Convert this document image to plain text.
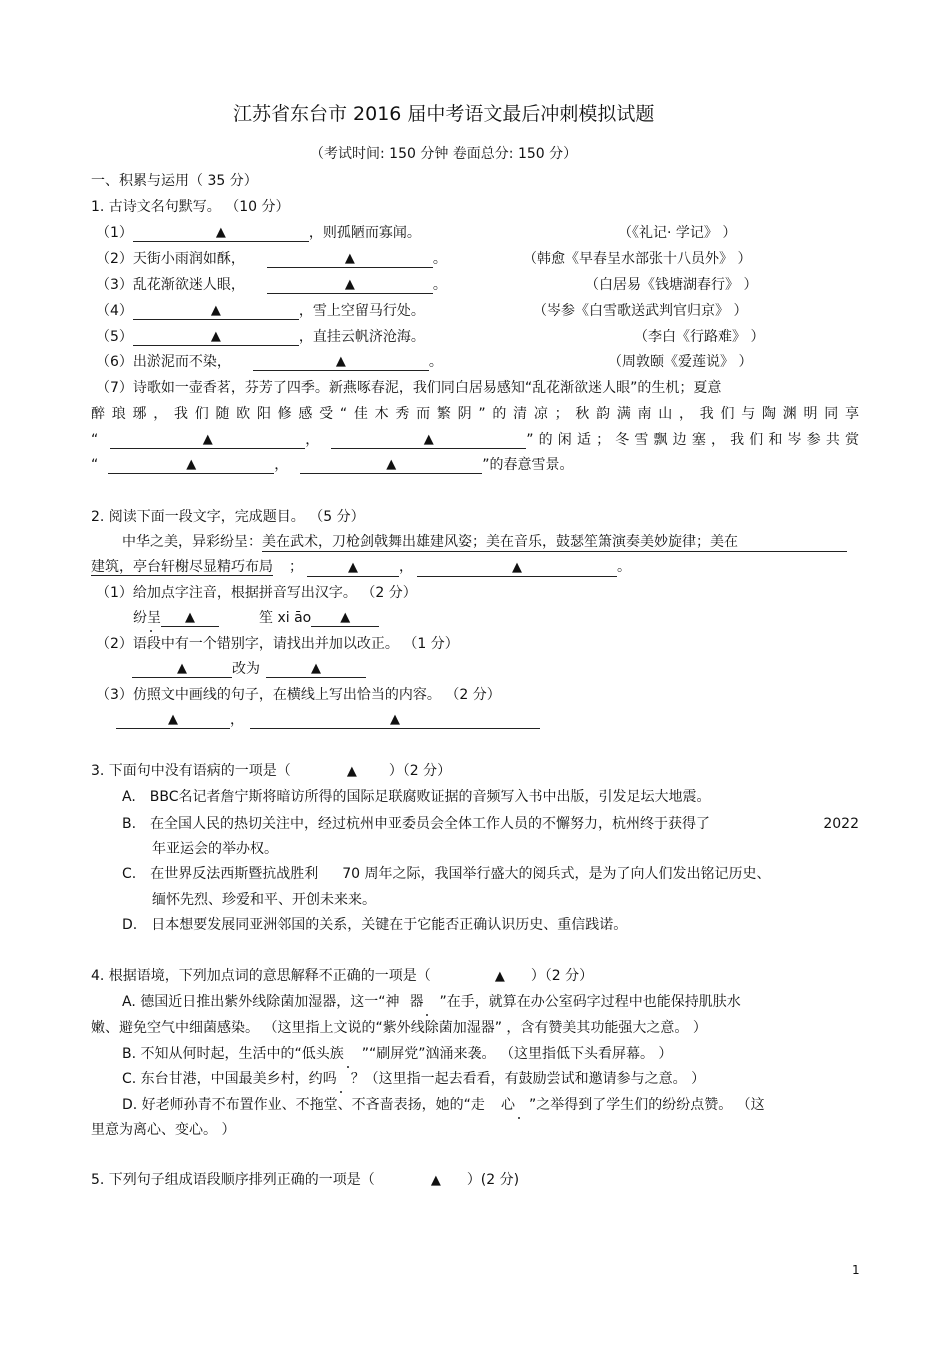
江苏省东台市 2016 届中考语文最后冲刺模拟试题
（考试时间: 150 分钟 卷面总分: 150 分）
一、积累与运用（ 35 分）
1. 古诗文名句默写。 （10 分）
（1）	▲	，则孤陋而寡闻。	（《礼记· 学记》 ）
（2）天街小雨润如酥，	▲	。	（韩愈《早春呈水部张十八员外》 ）
（3）乱花渐欲迷人眼，	▲	。	（白居易《钱塘湖春行》 ）
（4）	▲	，雪上空留马行处。	（岑参《白雪歌送武判官归京》 ）
（5）	▲	，直挂云帆济沧海。	（李白《行路难》 ）
（6）出淤泥而不染，	▲	。	（周敦颐《爱莲说》 ）
（7）诗歌如一壶香茗，芬芳了四季。新燕啄春泥，我们同白居易感知“乱花渐欲迷人眼”的生机；夏意
醉琅琊，我们随欧阳修感受“佳木秀而繁阴”的清凉；秋韵满南山，我们与陶渊明同享
“	▲	，	▲	”的闲适；冬雪飘边塞，我们和岑参共赏
“	▲	，	▲	”的春意雪景。
2. 阅读下面一段文字，完成题目。 （5 分）
中华之美，异彩纷呈：美在武术，刀枪剑戟舞出雄建风姿；美在音乐，鼓瑟笙箫演奏美妙旋律；美在
建筑，亭台轩榭尽显精巧布局 ；	▲	，	▲	。
（1）给加点字注音，根据拼音写出汉字。 （2 分）
纷呈 ▲	笙 xi āo ▲
（2）语段中有一个错别字，请找出并加以改正。 （1 分）
▲	改为	▲
（3）仿照文中画线的句子，在横线上写出恰当的内容。 （2 分）
▲	，	▲
3. 下面句中没有语病的一项是（	▲ ）（2 分）
A. BBC名记者詹宁斯将暗访所得的国际足联腐败证据的音频写入书中出版，引发足坛大地震。
B. 在全国人民的热切关注中，经过杭州申亚委员会全体工作人员的不懈努力，杭州终于获得了	2022
年亚运会的举办权。
C. 在世界反法西斯暨抗战胜利 70 周年之际，我国举行盛大的阅兵式，是为了向人们发出铭记历史、
缅怀先烈、珍爱和平、开创未来来。
D. 日本想要发展同亚洲邻国的关系，关键在于它能否正确认识历史、重信践诺。
4. 根据语境，下列加点词的意思解释不正确的一项是（	▲ ）（2 分）
A. 德国近日推出紫外线除菌加湿器，这一“神 器 ”在手，就算在办公室码字过程中也能保持肌肤水
嫩、避免空气中细菌感染。 （这里指上文说的“紫外线除菌加湿器” ，含有赞美其功能强大之意。 ）
B. 不知从何时起，生活中的“低头族 ”“刷屏党”汹涌来袭。 （这里指低下头看屏幕。 ）
C. 东台甘港，中国最美乡村，约吗 ？（这里指一起去看看，有鼓励尝试和邀请参与之意。 ）
D. 好老师孙青不布置作业、不拖堂、不吝啬表扬，她的“走 心 ”之举得到了学生们的纷纷点赞。 （这
里意为离心、变心。 ）
5. 下列句子组成语段顺序排列正确的一项是（	▲ ）(2 分)
1
